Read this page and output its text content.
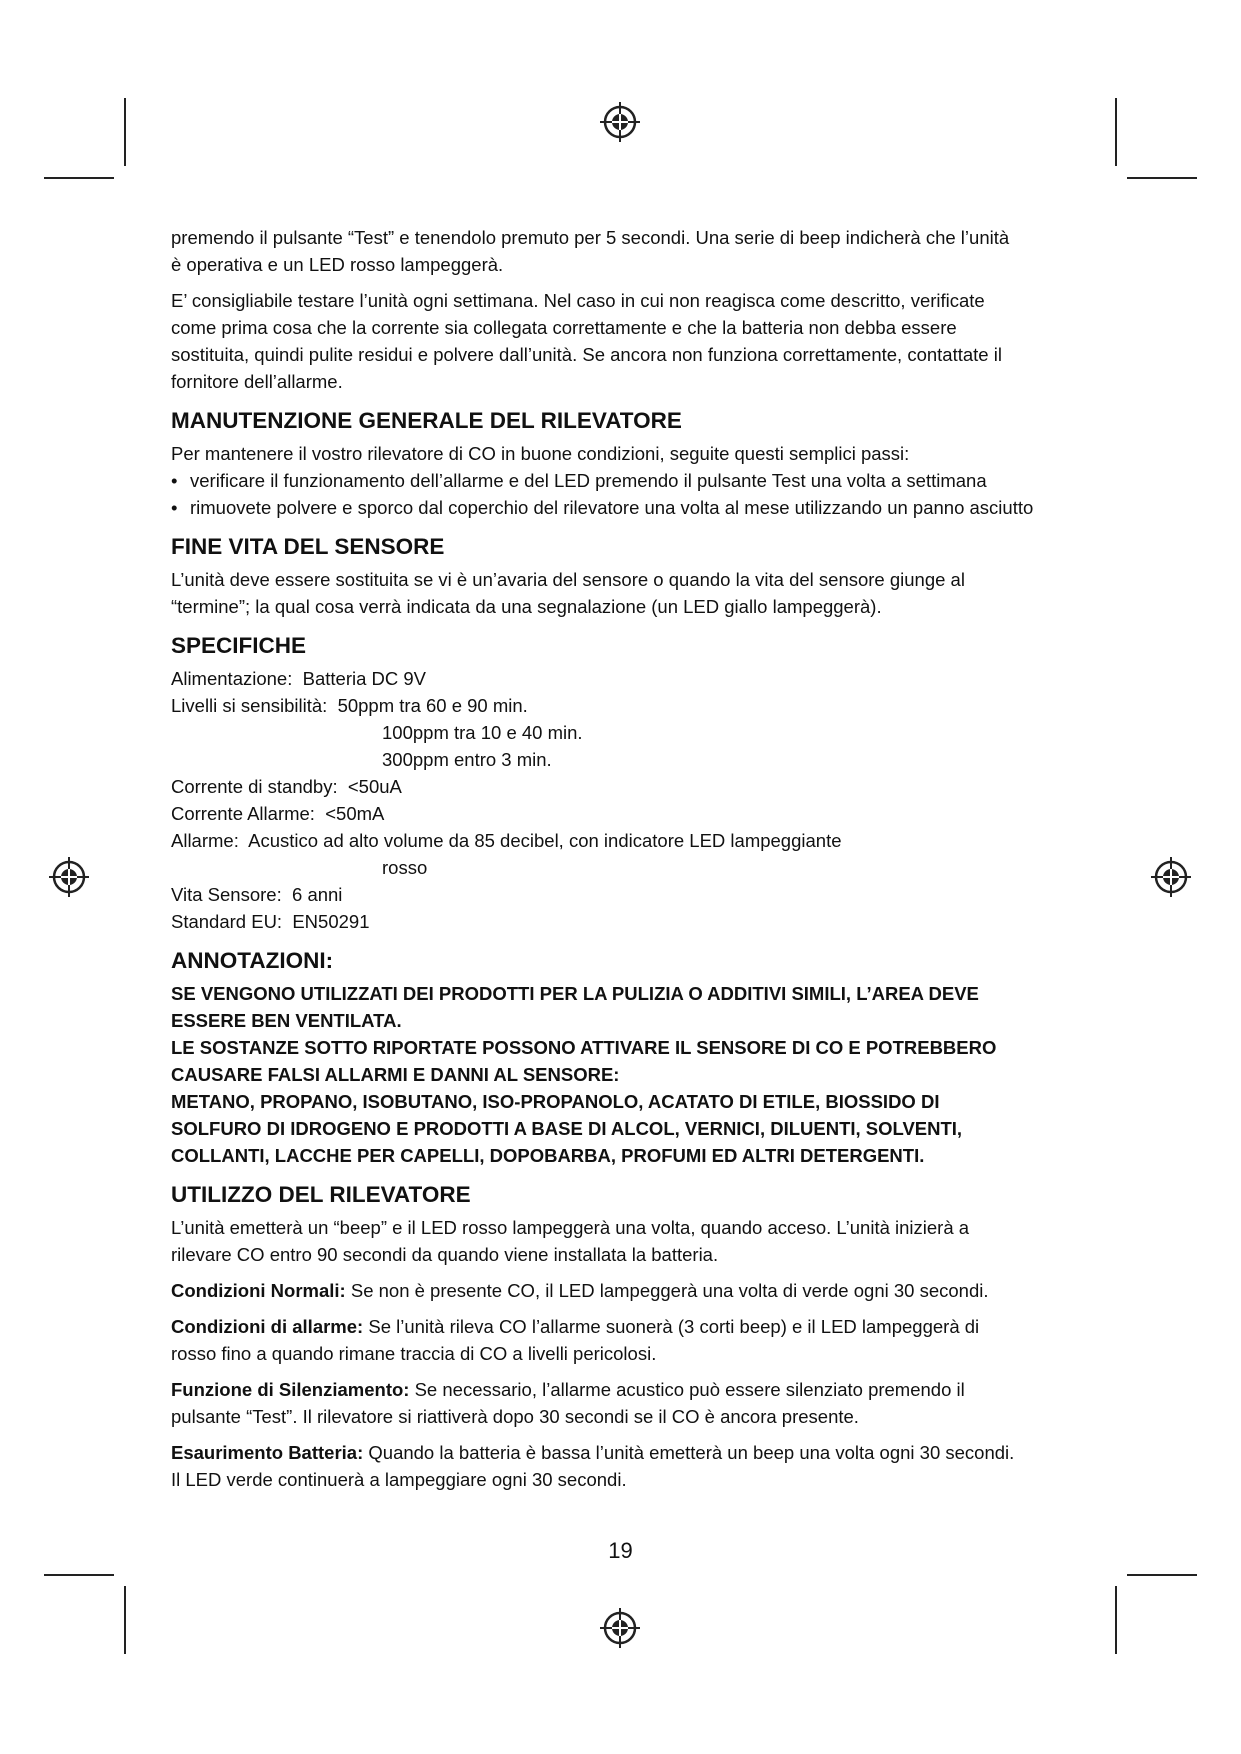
premendo il pulsante “Test” e tenendolo premuto per 5 secondi. Una serie di beep indicherà che l’unità
è operativa e un LED rosso lampeggerà.

E’ consigliabile testare l’unità ogni settimana. Nel caso in cui non reagisca come descritto, verificate
come prima cosa che la corrente sia collegata correttamente e che la batteria non debba essere
sostituita, quindi pulite residui e polvere dall’unità. Se ancora non funziona correttamente, contattate il
fornitore dell’allarme.

MANUTENZIONE GENERALE DEL RILEVATORE

Per mantenere il vostro rilevatore di CO in buone condizioni, seguite questi semplici passi:

• verificare il funzionamento dell’allarme e del LED premendo il pulsante Test una volta a settimana
• rimuovete polvere e sporco dal coperchio del rilevatore una volta al mese utilizzando un panno asciutto
FINE VITA DEL SENSORE

L’unità deve essere sostituita se vi è un’avaria del sensore o quando la vita del sensore giunge al
“termine”; la qual cosa verrà indicata da una segnalazione (un LED giallo lampeggerà).

SPECIFICHE
Alimentazione:  Batteria DC 9V
Livelli si sensibilità:  50ppm tra 60 e 90 min.
100ppm tra 10 e 40 min.
300ppm entro 3 min.
Corrente di standby:  <50uA
Corrente Allarme:  <50mA
Allarme:  Acustico ad alto volume da 85 decibel, con indicatore LED lampeggiante
rosso
Vita Sensore:  6 anni
Standard EU:  EN50291
ANNOTAZIONI:
SE VENGONO UTILIZZATI DEI PRODOTTI PER LA PULIZIA O ADDITIVI SIMILI, L’AREA DEVE
ESSERE BEN VENTILATA.
LE SOSTANZE SOTTO RIPORTATE POSSONO ATTIVARE IL SENSORE DI CO E POTREBBERO
CAUSARE FALSI ALLARMI E DANNI AL SENSORE:
METANO, PROPANO, ISOBUTANO, ISO-PROPANOLO, ACATATO DI ETILE, BIOSSIDO DI
SOLFURO DI IDROGENO E PRODOTTI A BASE DI ALCOL, VERNICI, DILUENTI, SOLVENTI,
COLLANTI, LACCHE PER CAPELLI, DOPOBARBA, PROFUMI ED ALTRI DETERGENTI.
UTILIZZO DEL RILEVATORE

L’unità emetterà un “beep” e il LED rosso lampeggerà una volta, quando acceso. L’unità inizierà a
rilevare CO entro 90 secondi da quando viene installata la batteria.

Condizioni Normali: Se non è presente CO, il LED lampeggerà una volta di verde ogni 30 secondi.

Condizioni di allarme: Se l’unità rileva CO l’allarme suonerà (3 corti beep) e il LED lampeggerà di
rosso fino a quando rimane traccia di CO a livelli pericolosi.

Funzione di Silenziamento: Se necessario, l’allarme acustico può essere silenziato premendo il
pulsante “Test”. Il rilevatore si riattiverà dopo 30 secondi se il CO è ancora presente.

Esaurimento Batteria: Quando la batteria è bassa l’unità emetterà un beep una volta ogni 30 secondi.
Il LED verde continuerà a lampeggiare ogni 30 secondi.

19
